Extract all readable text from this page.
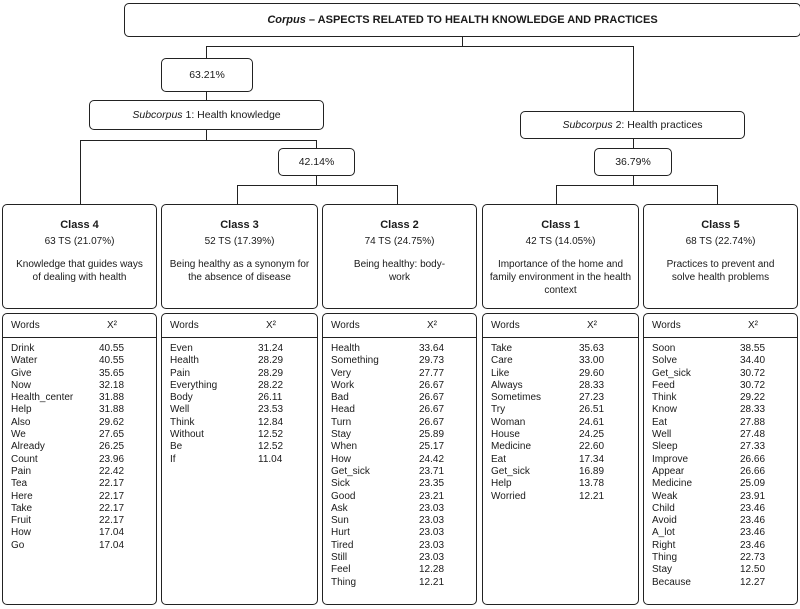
Corpus – ASPECTS RELATED TO HEALTH KNOWLEDGE AND PRACTICES
63.21%
Subcorpus 1: Health knowledge
Subcorpus 2: Health practices
42.14%	36.79%
Class 4
63 TS (21.07%)
Knowledge that guides ways of dealing with health
Class 3
52 TS (17.39%)
Being healthy as a synonym for the absence of disease
Class 2
74 TS (24.75%)
Being healthy: body-work
Class 1
42 TS (14.05%)
Importance of the home and family environment in the health context
Class 5
68 TS (22.74%)
Practices to prevent and solve health problems
Words	X²
Drink	40.55
Water	40.55
Give	35.65
Now	32.18
Health_center	31.88
Help	31.88
Also	29.62
We	27.65
Already	26.25
Count	23.96
Pain	22.42
Tea	22.17
Here	22.17
Take	22.17
Fruit	22.17
How	17.04
Go	17.04
Words	X²
Even	31.24
Health	28.29
Pain	28.29
Everything	28.22
Body	26.11
Well	23.53
Think	12.84
Without	12.52
Be	12.52
If	11.04
Words	X²
Health	33.64
Something	29.73
Very	27.77
Work	26.67
Bad	26.67
Head	26.67
Turn	26.67
Stay	25.89
When	25.17
How	24.42
Get_sick	23.71
Sick	23.35
Good	23.21
Ask	23.03
Sun	23.03
Hurt	23.03
Tired	23.03
Still	23.03
Feel	12.28
Thing	12.21
Words	X²
Take	35.63
Care	33.00
Like	29.60
Always	28.33
Sometimes	27.23
Try	26.51
Woman	24.61
House	24.25
Medicine	22.60
Eat	17.34
Get_sick	16.89
Help	13.78
Worried	12.21
Words	X²
Soon	38.55
Solve	34.40
Get_sick	30.72
Feed	30.72
Think	29.22
Know	28.33
Eat	27.88
Well	27.48
Sleep	27.33
Improve	26.66
Appear	26.66
Medicine	25.09
Weak	23.91
Child	23.46
Avoid	23.46
A_lot	23.46
Right	23.46
Thing	22.73
Stay	12.50
Because	12.27
